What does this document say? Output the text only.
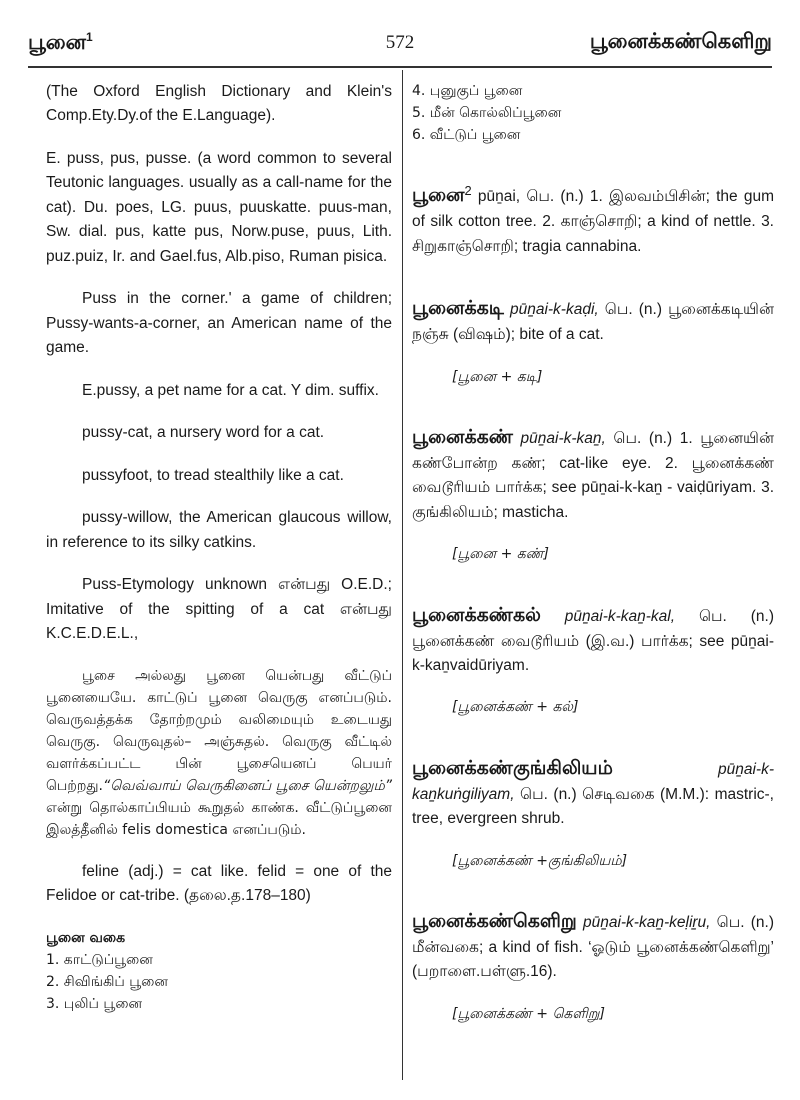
பூனை$^1$	572	பூனைக்கண்கெளிறு

(The Oxford English Dictionary and Klein's Comp.Ety.Dy.of the E.Language).

E. puss, pus, pusse. (a word common to several Teutonic languages. usually as a call-name for the cat). Du. poes, LG. puus, puuskatte. puus-man, Sw. dial. pus, katte pus, Norw.puse, puus, Lith. puz.puiz, Ir. and Gael.fus, Alb.piso, Ruman pisica.

Puss in the corner.' a game of children; Pussy-wants-a-corner, an American name of the game.

E.pussy, a pet name for a cat. Y dim. suffix.

pussy-cat, a nursery word for a cat.

pussyfoot, to tread stealthily like a cat.

pussy-willow, the American glaucous willow, in reference to its silky catkins.

Puss-Etymology unknown என்பது O.E.D.; Imitative of the spitting of a cat என்பது K.C.E.D.E.L.,

பூசை அல்லது பூனை யென்பது வீட்டுப் பூனையையே. காட்டுப் பூனை வெருகு எனப்படும். வெருவத்தக்க தோற்றமும் வலிமையும் உடையது வெருகு. வெருவுதல்– அஞ்சுதல். வெருகு வீட்டில் வளர்க்கப்பட்ட பின் பூசையெனப் பெயர் பெற்றது.“வெவ்வாய் வெருகினைப் பூசை யென்றலும்” என்று தொல்காப்பியம் கூறுதல் காண்க. வீட்டுப்பூனை இலத்தீனில் felis domestica எனப்படும்.

feline (adj.) = cat like. felid = one of the Felidoe or cat-tribe. (தலை.த.178–180)

பூனை வகை

1. காட்டுப்பூனை
2. சிவிங்கிப் பூனை
3. புலிப் பூனை
4. புனுகுப் பூனை
5. மீன் கொல்லிப்பூனை
6. வீட்டுப் பூனை

பூனை$^2$ pūṉai, பெ. (n.) 1. இலவம்பிசின்; the gum of silk cotton tree. 2. காஞ்சொறி; a kind of nettle. 3. சிறுகாஞ்சொறி; tragia cannabina.

பூனைக்கடி pūṉai-k-kaḍi, பெ. (n.) பூனைக்கடியின் நஞ்சு (விஷம்); bite of a cat.

[பூனை + கடி]

பூனைக்கண் pūṉai-k-kaṉ, பெ. (n.) 1. பூனையின் கண்போன்ற கண்; cat-like eye. 2. பூனைக்கண் வைடூரியம் பார்க்க; see pūṉai-k-kaṉ - vaiḍūriyam. 3. குங்கிலியம்; masticha.

[பூனை + கண்]

பூனைக்கண்கல் pūṉai-k-kaṉ-kal, பெ. (n.) பூனைக்கண் வைடூரியம் (இ.வ.) பார்க்க; see pūṉai-k-kaṉvaidūriyam.

[பூனைக்கண் + கல்]

பூனைக்கண்குங்கிலியம் pūṉai-k-kaṉkuṅgiliyam, பெ. (n.) செடிவகை (M.M.): mastric-, tree, evergreen shrub.

[பூனைக்கண் +குங்கிலியம்]

பூனைக்கண்கெளிறு pūṉai-k-kaṉ-keḷiṟu, பெ. (n.) மீன்வகை; a kind of fish. ‘ஓடும் பூனைக்கண்கெளிறு’ (பறாளை.பள்ளு.16).

[பூனைக்கண் + கெளிறு]
